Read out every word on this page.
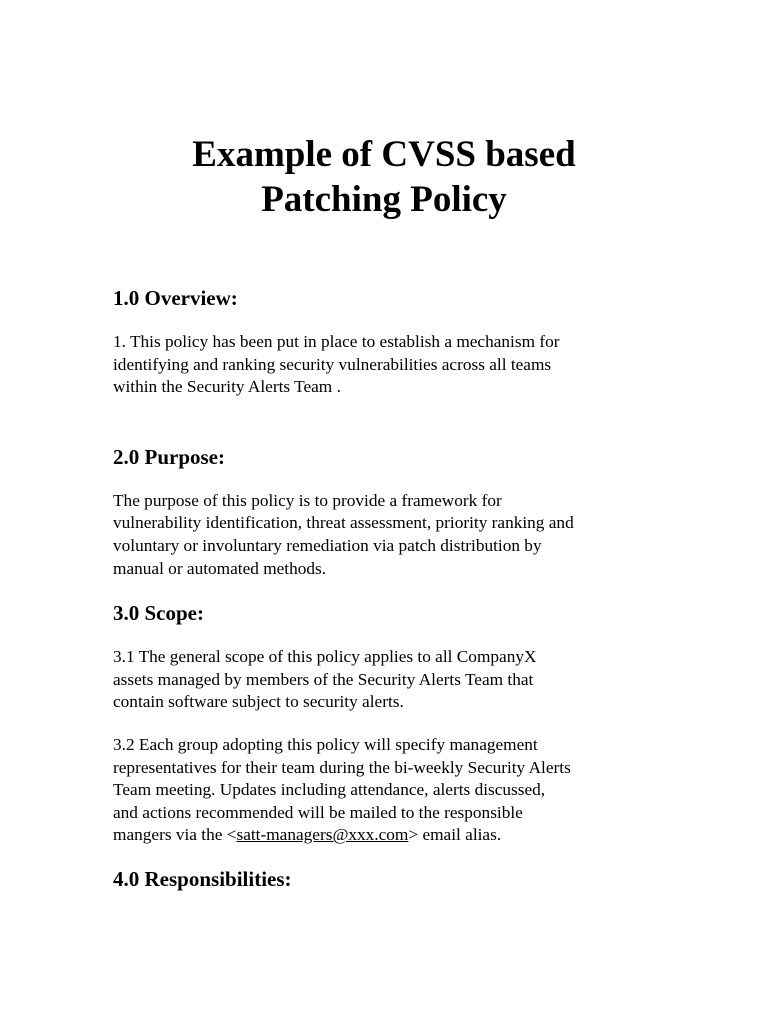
Example of CVSS based
Patching Policy
1.0 Overview:

1. This policy has been put in place to establish a mechanism for
identifying and ranking security vulnerabilities across all teams
within the Security Alerts Team .

2.0 Purpose:

The purpose of this policy is to provide a framework for
vulnerability identification, threat assessment, priority ranking and
voluntary or involuntary remediation via patch distribution by
manual or automated methods.

3.0 Scope:

3.1 The general scope of this policy applies to all CompanyX
assets managed by members of the Security Alerts Team that
contain software subject to security alerts.

3.2 Each group adopting this policy will specify management
representatives for their team during the bi-weekly Security Alerts
Team meeting. Updates including attendance, alerts discussed,
and actions recommended will be mailed to the responsible
mangers via the <satt-managers@xxx.com> email alias.

4.0 Responsibilities:
